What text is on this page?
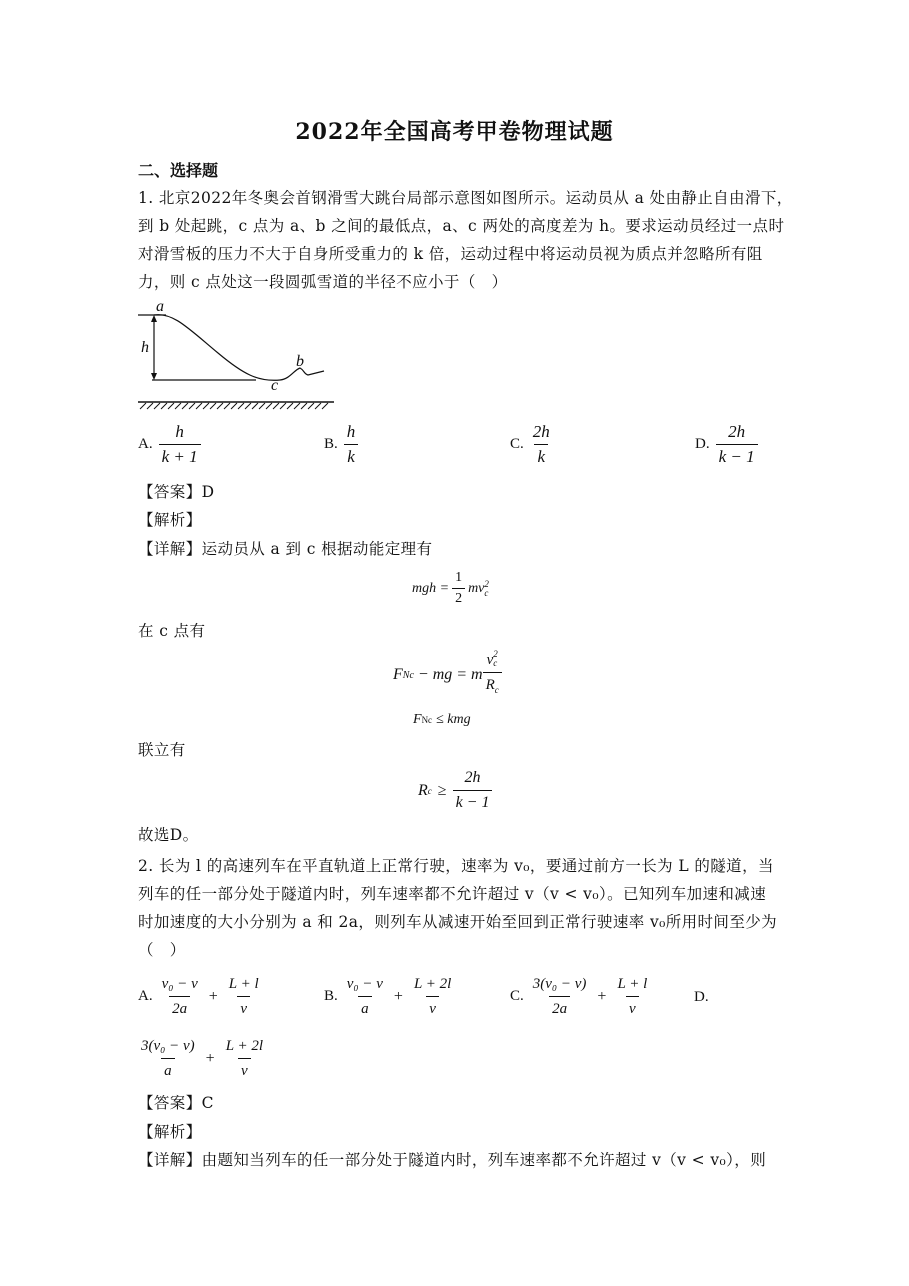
2022年全国高考甲卷物理试题
二、选择题
1. 北京2022年冬奥会首钢滑雪大跳台局部示意图如图所示。运动员从 a 处由静止自由滑下，
到 b 处起跳，c 点为 a、b 之间的最低点，a、c 两处的高度差为 h。要求运动员经过一点时
对滑雪板的压力不大于自身所受重力的 k 倍，运动过程中将运动员视为质点并忽略所有阻
力，则 c 点处这一段圆弧雪道的半径不应小于（　）
a
h
b
c
A. $\frac{h}{k + 1}$	B. $\frac{h}{k}$	C. $\frac{2h}{k}$	D. $\frac{2h}{k - 1}$
【答案】D
【解析】
【详解】运动员从 a 到 c 根据动能定理有
mgh = $\frac{1}{2}$ mv 2
c
在 c 点有
F Nc − mg = m v 2
c
$R_c$
F Nc ≤ kmg
联立有
R $c \ge \frac{2h}{k - 1}$
故选D。
2. 长为 l 的高速列车在平直轨道上正常行驶，速率为 v₀，要通过前方一长为 L 的隧道，当
列车的任一部分处于隧道内时，列车速率都不允许超过 v（v < v₀）。已知列车加速和减速
时加速度的大小分别为 a 和 2a，则列车从减速开始至回到正常行驶速率 v₀所用时间至少为
（　）
A. $\frac{\text{v₀ − v}}{2a} + \frac{L + l}{v}$	B. $\frac{\text{v₀ − v}}{a} + \frac{L + 2l}{v}$	C. $\frac{\text{3(v₀ − v)}}{2a} + \frac{L + l}{v}$	D.
$\frac{\text{3(v₀ − v)}}{a} + \frac{L + 2l}{v}$
【答案】C
【解析】
【详解】由题知当列车的任一部分处于隧道内时，列车速率都不允许超过 v（v < v₀），则
